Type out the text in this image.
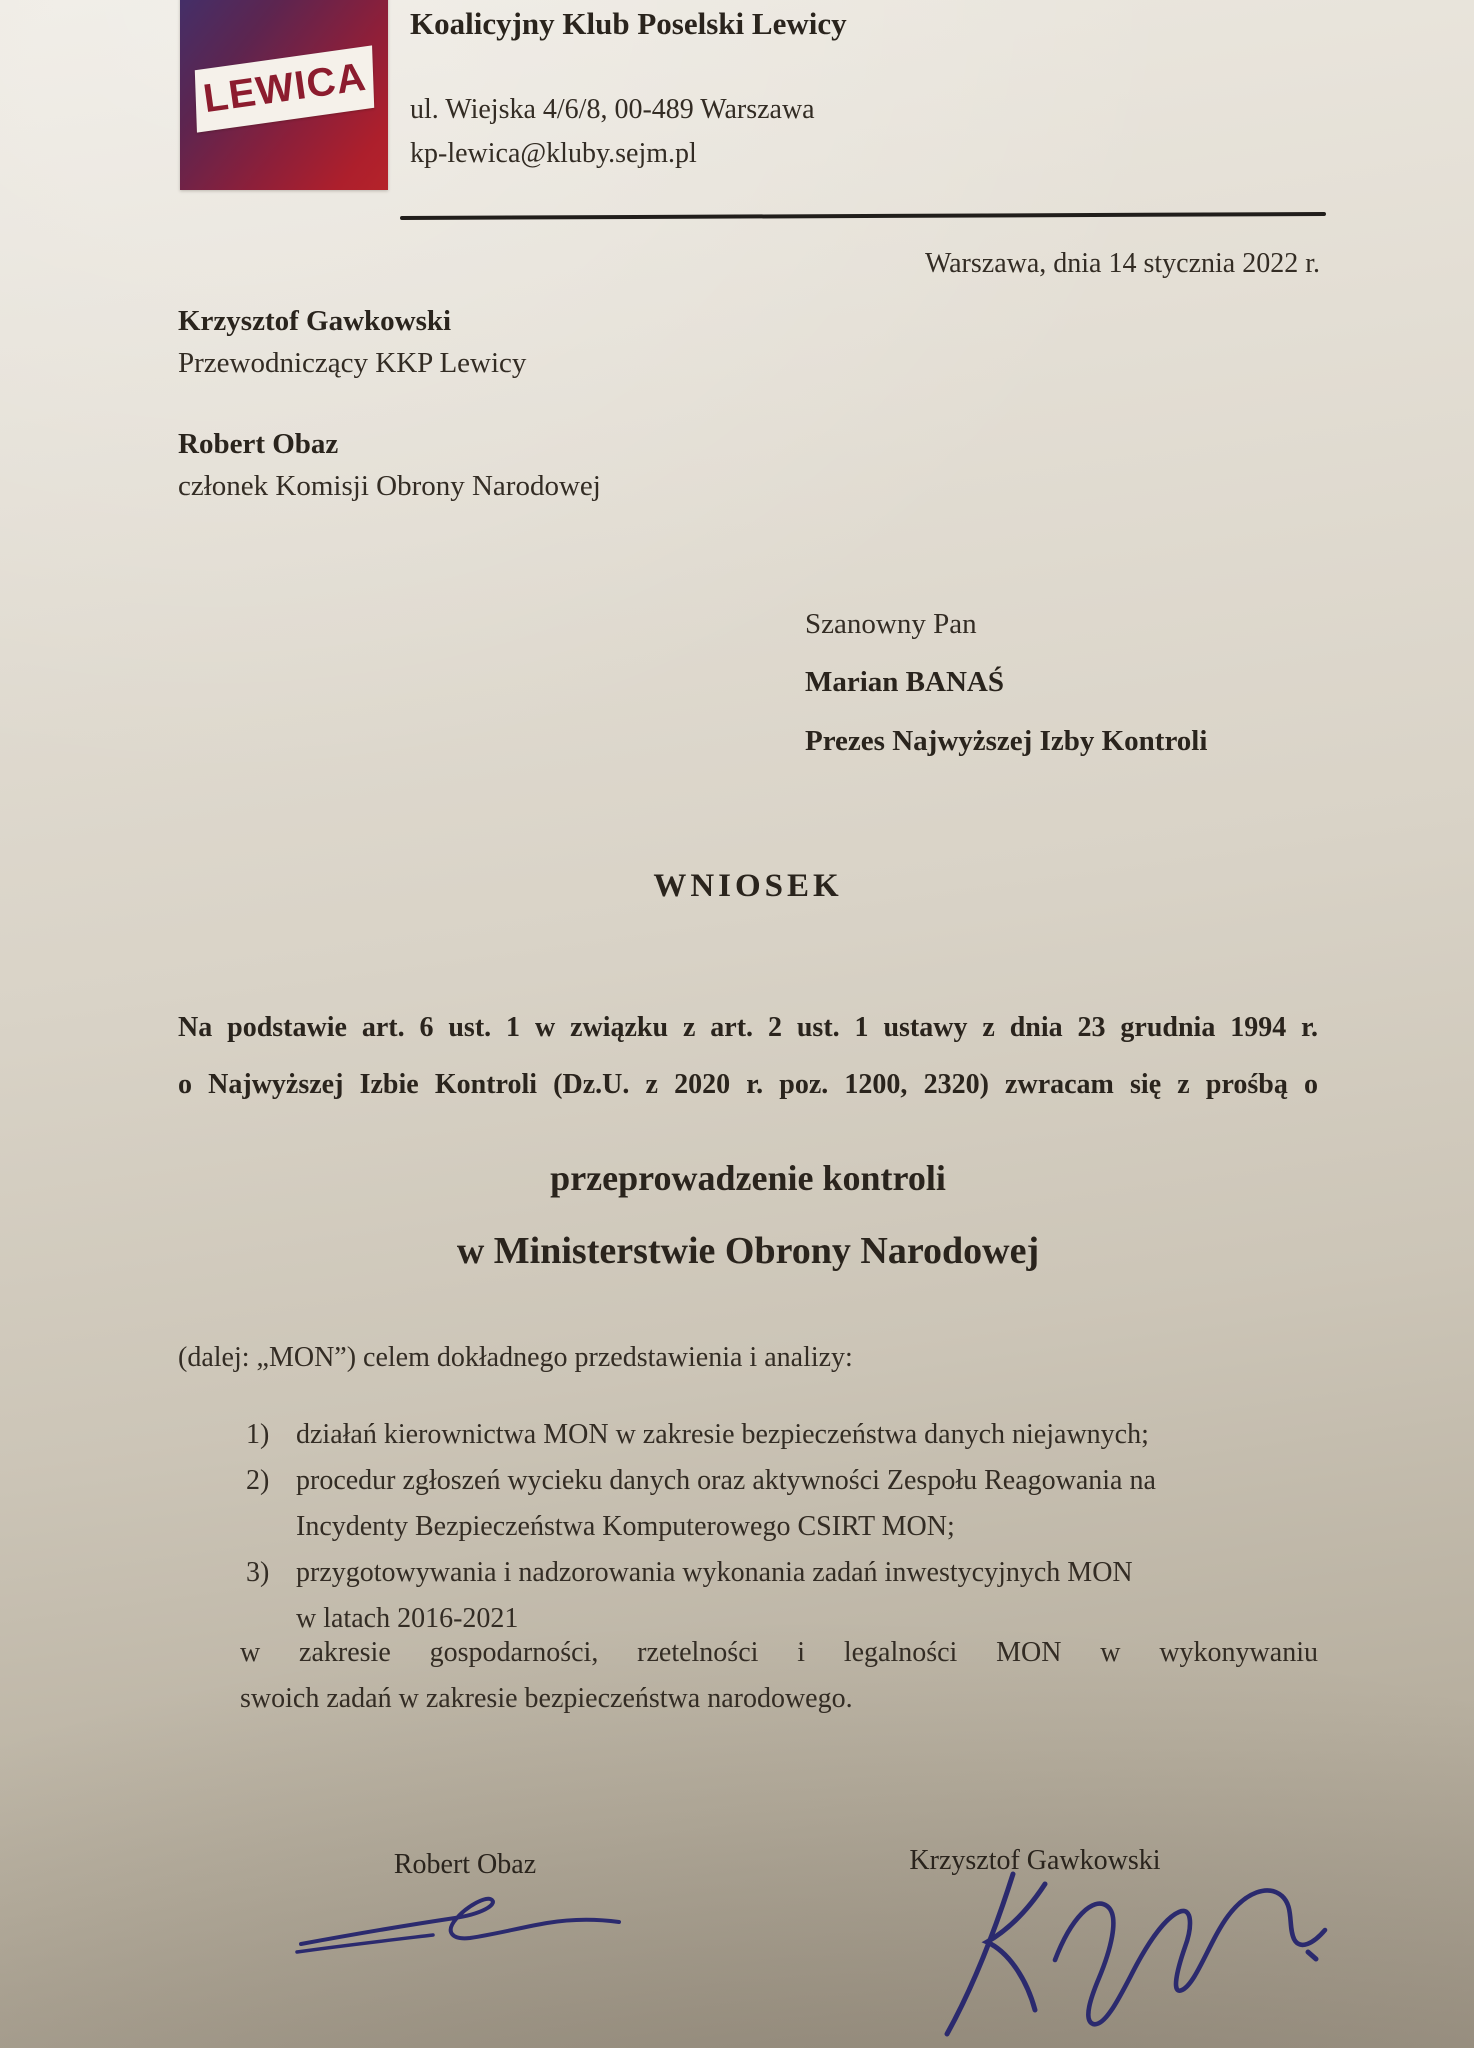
LEWICA
Koalicyjny Klub Poselski Lewicy
ul. Wiejska 4/6/8, 00-489 Warszawa
kp-lewica@kluby.sejm.pl
Warszawa, dnia 14 stycznia 2022 r.
Krzysztof Gawkowski
Przewodniczący KKP Lewicy
Robert Obaz
członek Komisji Obrony Narodowej
Szanowny Pan
Marian BANAŚ
Prezes Najwyższej Izby Kontroli
WNIOSEK
Na podstawie art. 6 ust. 1 w związku z art. 2 ust. 1 ustawy z dnia 23 grudnia 1994 r.
o Najwyższej Izbie Kontroli (Dz.U. z 2020 r. poz. 1200, 2320) zwracam się z prośbą o
przeprowadzenie kontroli
w Ministerstwie Obrony Narodowej
(dalej: „MON”) celem dokładnego przedstawienia i analizy:
1) działań kierownictwa MON w zakresie bezpieczeństwa danych niejawnych;
2) procedur zgłoszeń wycieku danych oraz aktywności Zespołu Reagowania na
Incydenty Bezpieczeństwa Komputerowego CSIRT MON;
3) przygotowywania i nadzorowania wykonania zadań inwestycyjnych MON
w latach 2016-2021
w zakresie gospodarności, rzetelności i legalności MON w wykonywaniu
swoich zadań w zakresie bezpieczeństwa narodowego.
Robert Obaz	Krzysztof Gawkowski
